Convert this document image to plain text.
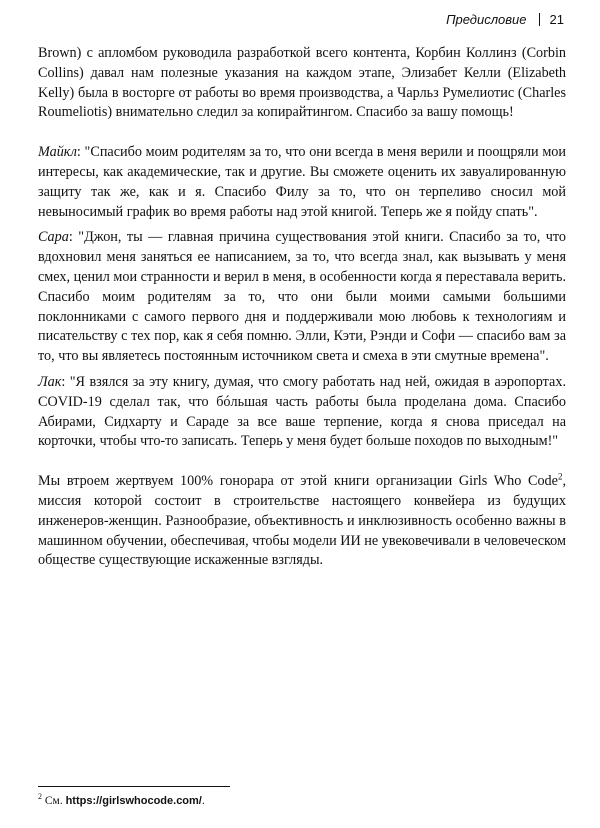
Предисловие 21

Brown) с апломбом руководила разработкой всего контента, Корбин Коллинз (Corbin Collins) давал нам полезные указания на каждом этапе, Элизабет Келли (Elizabeth Kelly) была в восторге от работы во время производства, а Чарльз Румелиотис (Charles Roumeliotis) внимательно следил за копирайтингом. Спасибо за вашу помощь!

Майкл: "Спасибо моим родителям за то, что они всегда в меня верили и поощряли мои интересы, как академические, так и другие. Вы сможете оценить их завуалированную защиту так же, как и я. Спасибо Филу за то, что он терпеливо сносил мой невыносимый график во время работы над этой книгой. Теперь же я пойду спать".

Сара: "Джон, ты — главная причина существования этой книги. Спасибо за то, что вдохновил меня заняться ее написанием, за то, что всегда знал, как вызывать у меня смех, ценил мои странности и верил в меня, в особенности когда я переставала верить. Спасибо моим родителям за то, что они были моими самыми большими поклонниками с самого первого дня и поддерживали мою любовь к технологиям и писательству с тех пор, как я себя помню. Элли, Кэти, Рэнди и Софи — спасибо вам за то, что вы являетесь постоянным источником света и смеха в эти смутные времена".

Лак: "Я взялся за эту книгу, думая, что смогу работать над ней, ожидая в аэропортах. COVID-19 сделал так, что бóльшая часть работы была проделана дома. Спасибо Абирами, Сидхарту и Сараде за все ваше терпение, когда я снова приседал на корточки, чтобы что-то записать. Теперь у меня будет больше походов по выходным!"

Мы втроем жертвуем 100% гонорара от этой книги организации Girls Who Code$^2$, миссия которой состоит в строительстве настоящего конвейера из будущих инженеров-женщин. Разнообразие, объективность и инклюзивность особенно важны в машинном обучении, обеспечивая, чтобы модели ИИ не увековечивали в человеческом обществе существующие искаженные взгляды.

$^2$ См. https://girlswhocode.com/.
